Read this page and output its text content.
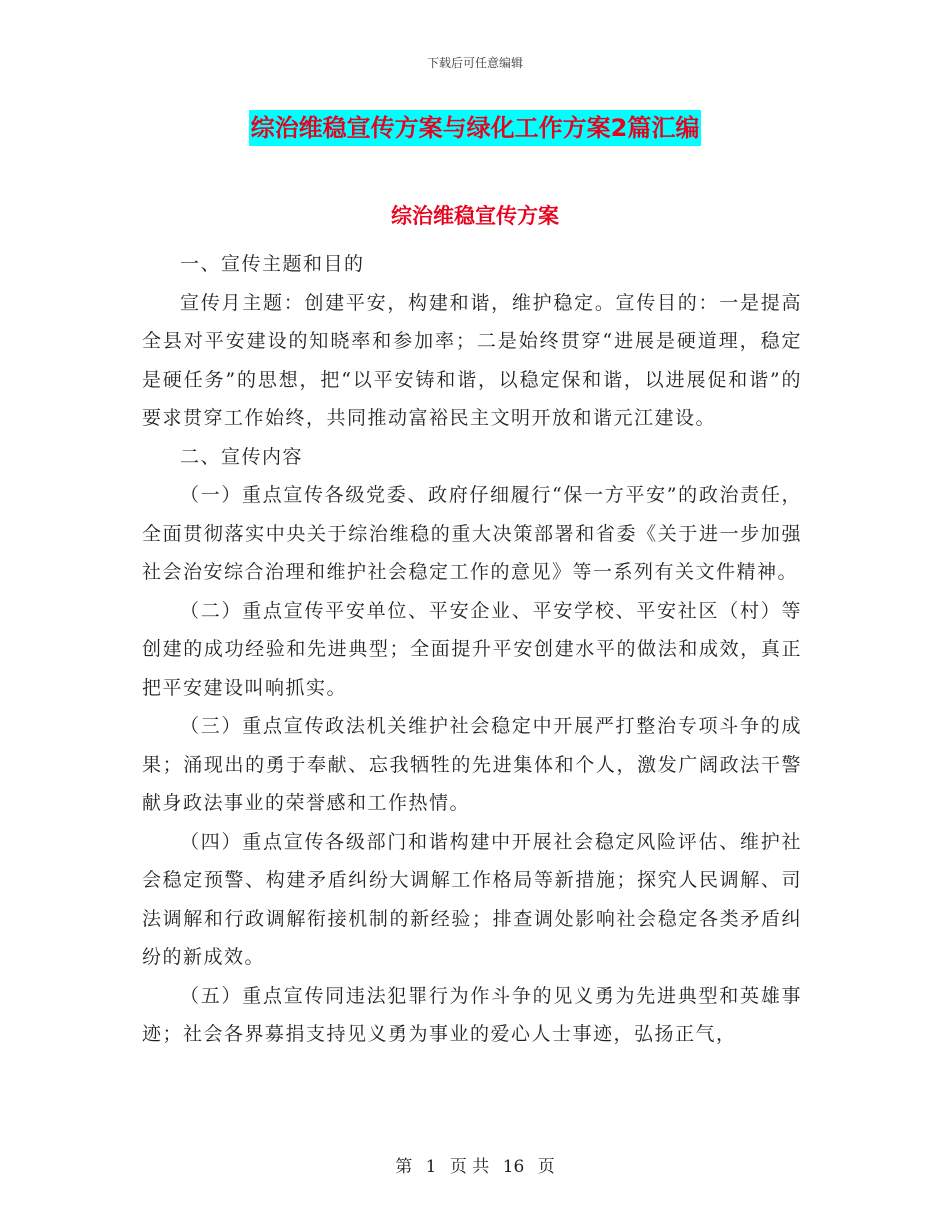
下载后可任意编辑
综治维稳宣传方案与绿化工作方案2篇汇编
综治维稳宣传方案

一、宣传主题和目的

宣传月主题：创建平安，构建和谐，维护稳定。宣传目的：一是提高全县对平安建设的知晓率和参加率；二是始终贯穿“进展是硬道理，稳定是硬任务”的思想，把“以平安铸和谐，以稳定保和谐，以进展促和谐”的要求贯穿工作始终，共同推动富裕民主文明开放和谐元江建设。

二、宣传内容

（一）重点宣传各级党委、政府仔细履行“保一方平安”的政治责任，全面贯彻落实中央关于综治维稳的重大决策部署和省委《关于进一步加强社会治安综合治理和维护社会稳定工作的意见》等一系列有关文件精神。

（二）重点宣传平安单位、平安企业、平安学校、平安社区（村）等创建的成功经验和先进典型；全面提升平安创建水平的做法和成效，真正把平安建设叫响抓实。

（三）重点宣传政法机关维护社会稳定中开展严打整治专项斗争的成果；涌现出的勇于奉献、忘我牺牲的先进集体和个人，激发广阔政法干警献身政法事业的荣誉感和工作热情。

（四）重点宣传各级部门和谐构建中开展社会稳定风险评估、维护社会稳定预警、构建矛盾纠纷大调解工作格局等新措施；探究人民调解、司法调解和行政调解衔接机制的新经验；排查调处影响社会稳定各类矛盾纠纷的新成效。

（五）重点宣传同违法犯罪行为作斗争的见义勇为先进典型和英雄事迹；社会各界募捐支持见义勇为事业的爱心人士事迹，弘扬正气，

第 1 页 共 16 页
